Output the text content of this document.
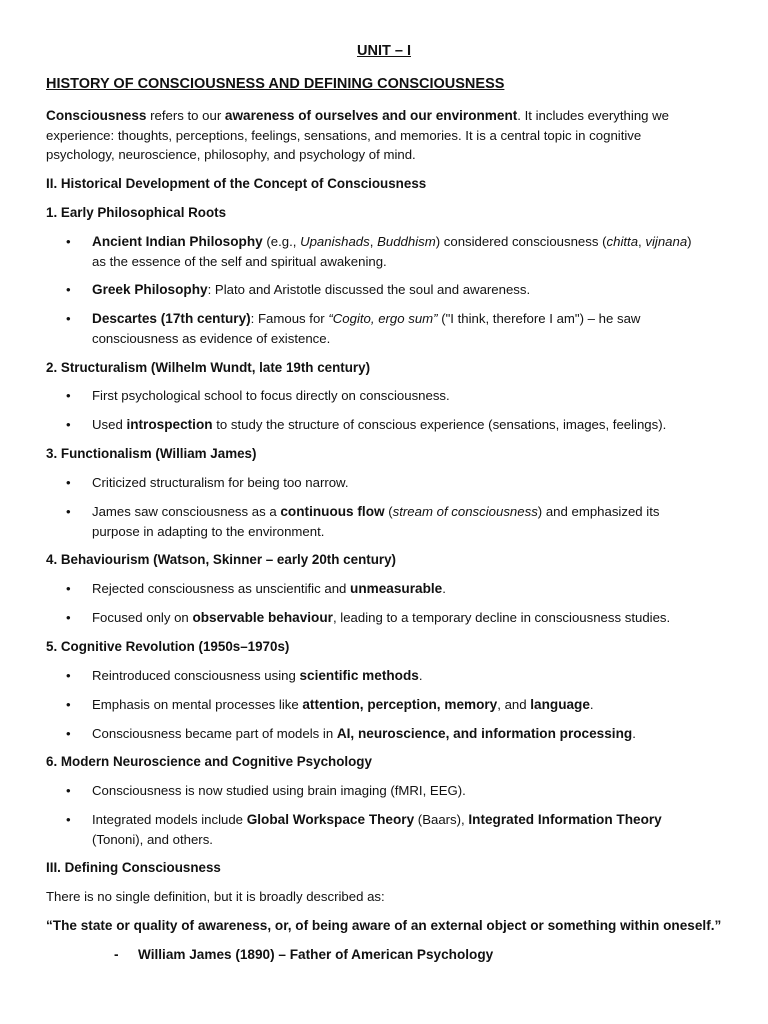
UNIT – I
HISTORY OF CONSCIOUSNESS AND DEFINING CONSCIOUSNESS

Consciousness refers to our awareness of ourselves and our environment. It includes everything we

experience: thoughts, perceptions, feelings, sensations, and memories. It is a central topic in cognitive

psychology, neuroscience, philosophy, and psychology of mind.

II. Historical Development of the Concept of Consciousness
1. Early Philosophical Roots
•	Ancient Indian Philosophy (e.g., Upanishads, Buddhism) considered consciousness (chitta, vijnana)

as the essence of the self and spiritual awakening.

•	Greek Philosophy: Plato and Aristotle discussed the soul and awareness.

•	Descartes (17th century): Famous for “Cogito, ergo sum” ("I think, therefore I am") – he saw

consciousness as evidence of existence.

2. Structuralism (Wilhelm Wundt, late 19th century)
•	First psychological school to focus directly on consciousness.

•	Used introspection to study the structure of conscious experience (sensations, images, feelings).

3. Functionalism (William James)
•	Criticized structuralism for being too narrow.

•	James saw consciousness as a continuous flow (stream of consciousness) and emphasized its

purpose in adapting to the environment.

4. Behaviourism (Watson, Skinner – early 20th century)
•	Rejected consciousness as unscientific and unmeasurable.

•	Focused only on observable behaviour, leading to a temporary decline in consciousness studies.

5. Cognitive Revolution (1950s–1970s)
•	Reintroduced consciousness using scientific methods.

•	Emphasis on mental processes like attention, perception, memory, and language.

•	Consciousness became part of models in AI, neuroscience, and information processing.

6. Modern Neuroscience and Cognitive Psychology
•	Consciousness is now studied using brain imaging (fMRI, EEG).

•	Integrated models include Global Workspace Theory (Baars), Integrated Information Theory

(Tononi), and others.

III. Defining Consciousness
There is no single definition, but it is broadly described as:
“The state or quality of awareness, or, of being aware of an external object or something within oneself.”
- William James (1890) – Father of American Psychology
